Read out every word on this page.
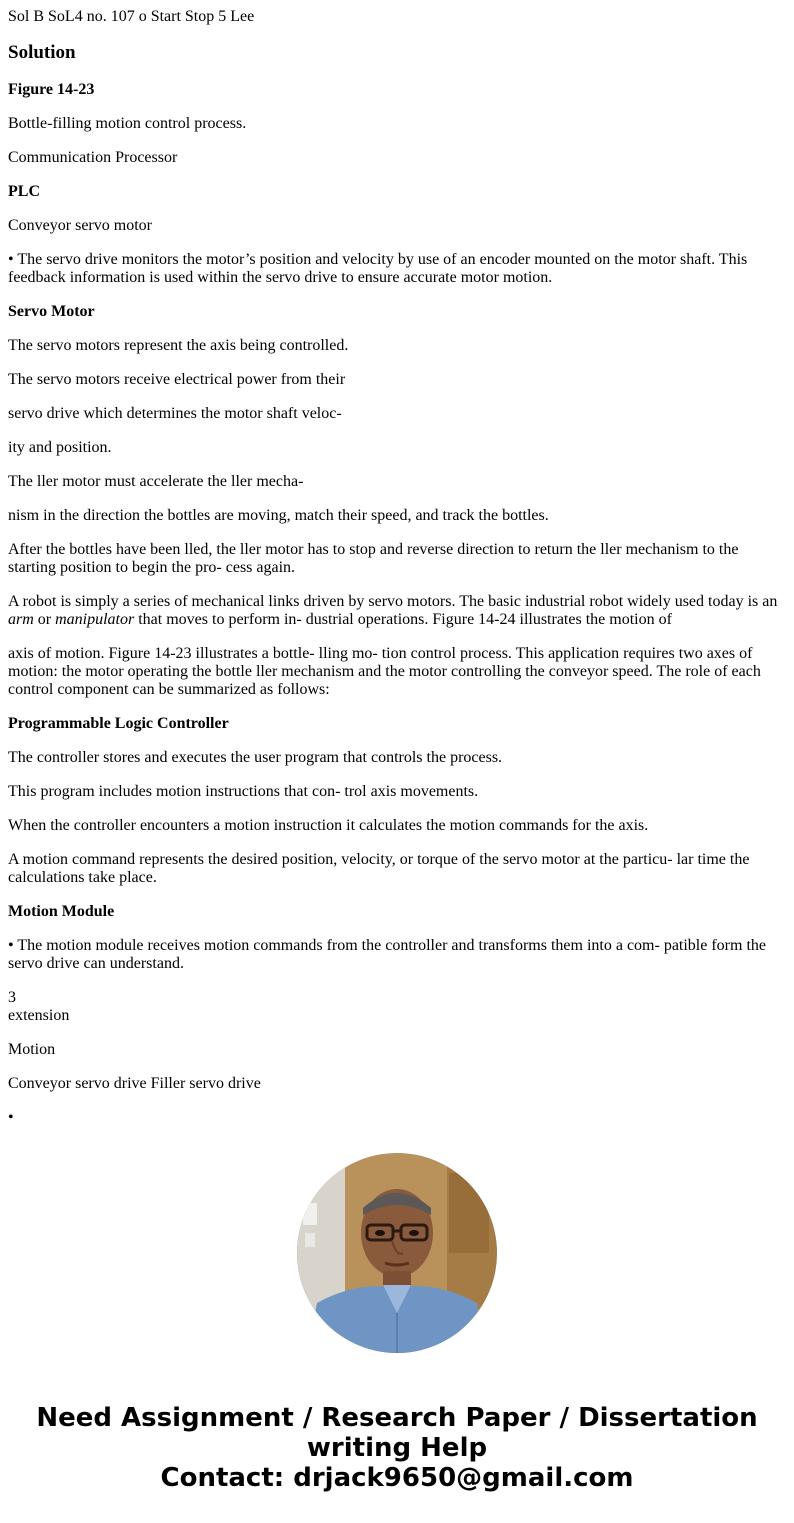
Sol B SoL4 no. 107 o Start Stop 5 Lee

Solution

Figure 14-23

Bottle-filling motion control process.

Communication Processor

PLC

Conveyor servo motor

• The servo drive monitors the motor’s position and velocity by use of an encoder mounted on the motor shaft. This feedback information is used within the servo drive to ensure accurate motor motion.

Servo Motor

The servo motors represent the axis being controlled.

The servo motors receive electrical power from their

servo drive which determines the motor shaft veloc-

ity and position.

The ller motor must accelerate the ller mecha-

nism in the direction the bottles are moving, match their speed, and track the bottles.

After the bottles have been lled, the ller motor has to stop and reverse direction to return the ller mechanism to the starting position to begin the pro- cess again.

A robot is simply a series of mechanical links driven by servo motors. The basic industrial robot widely used today is an arm or manipulator that moves to perform in- dustrial operations. Figure 14-24 illustrates the motion of

axis of motion. Figure 14-23 illustrates a bottle- lling mo- tion control process. This application requires two axes of motion: the motor operating the bottle ller mechanism and the motor controlling the conveyor speed. The role of each control component can be summarized as follows:

Programmable Logic Controller

The controller stores and executes the user program that controls the process.

This program includes motion instructions that con- trol axis movements.

When the controller encounters a motion instruction it calculates the motion commands for the axis.

A motion command represents the desired position, velocity, or torque of the servo motor at the particu- lar time the calculations take place.

Motion Module

• The motion module receives motion commands from the controller and transforms them into a com- patible form the servo drive can understand.

3
extension

Motion

Conveyor servo drive Filler servo drive

•

Need Assignment / Research Paper / Dissertation writing Help
Contact: drjack9650@gmail.com
